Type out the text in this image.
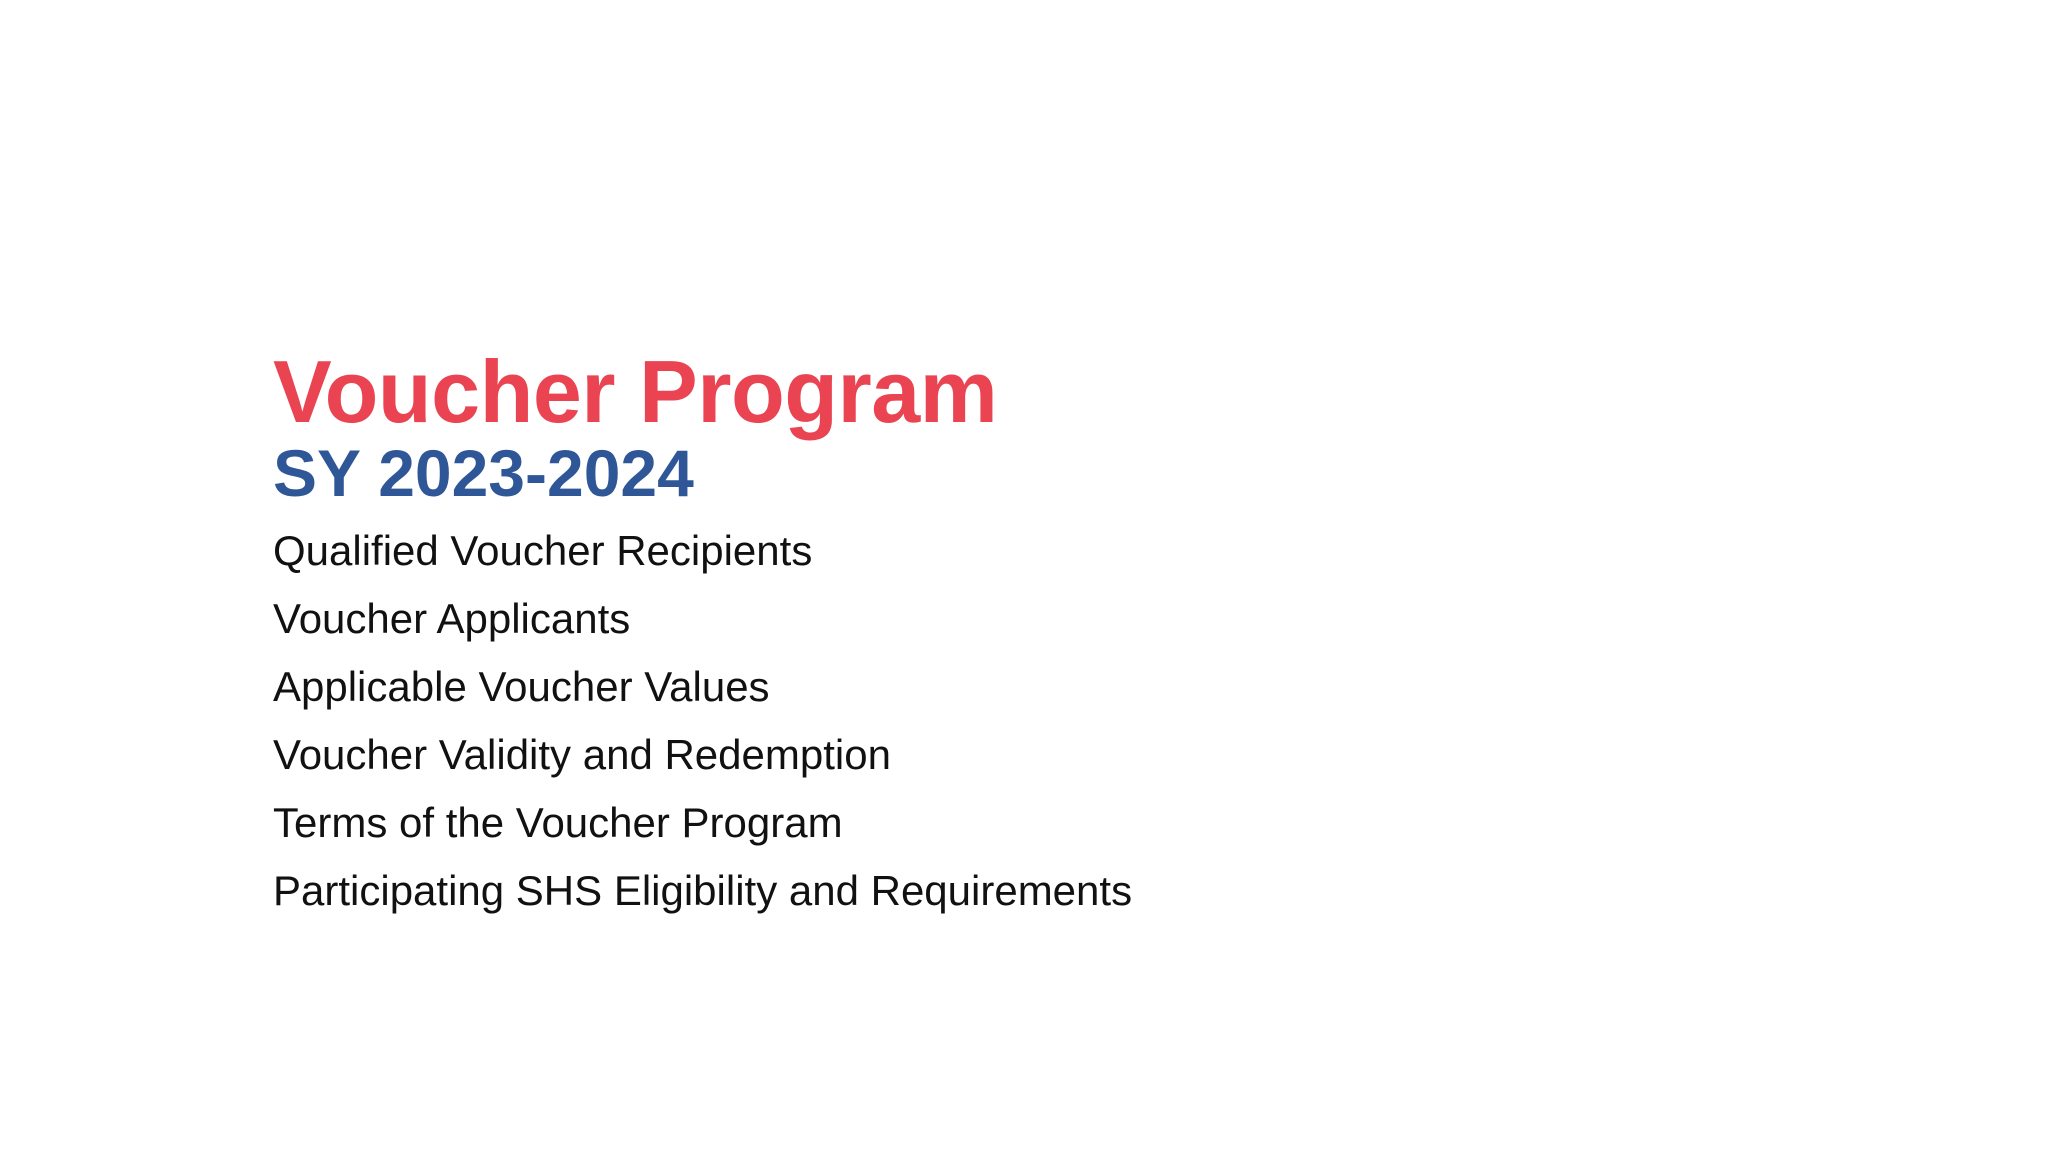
Voucher Program
SY 2023-2024
Qualified Voucher Recipients
Voucher Applicants
Applicable Voucher Values
Voucher Validity and Redemption
Terms of the Voucher Program
Participating SHS Eligibility and Requirements
